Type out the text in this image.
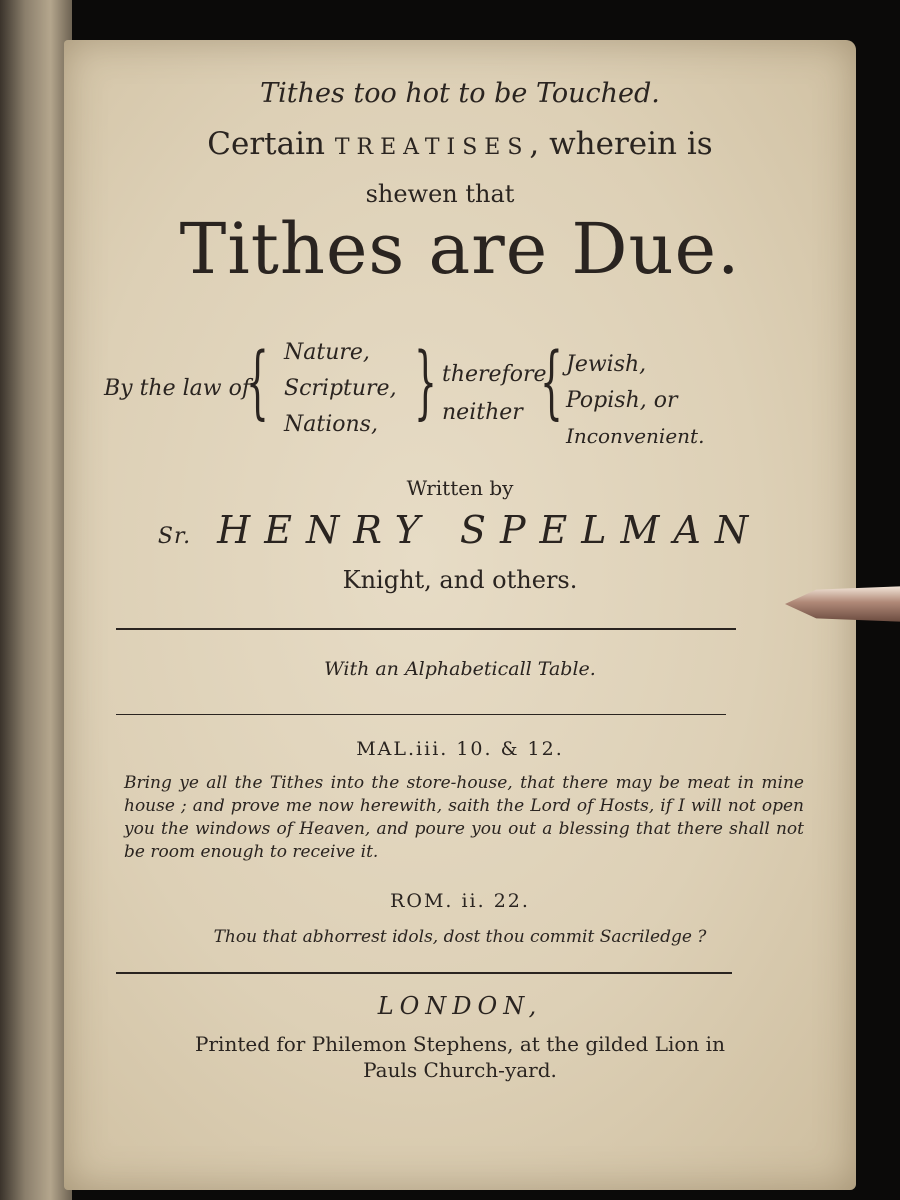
Tithes too hot to be Touched.
Certain TREATISES, wherein is
shewen that
Tithes are Due.
By the law of
{ Nature,
Scripture,
Nations, } therefore
neither { Jewish,
Popish, or
Inconvenient.
Written by
Sr. HENRY SPELMAN
Knight, and others.
With an Alphabeticall Table.
MAL.iii. 10. & 12.
Bring ye all the Tithes into the store-house, that there may be meat in mine house ; and prove me now herewith, saith the Lord of Hosts, if I will not open you the windows of Heaven, and poure you out a blessing that there shall not be room enough to receive it.
ROM. ii. 22.
Thou that abhorrest idols, dost thou commit Sacriledge ?
LONDON,
Printed for Philemon Stephens, at the gilded Lion in
Pauls Church-yard.
